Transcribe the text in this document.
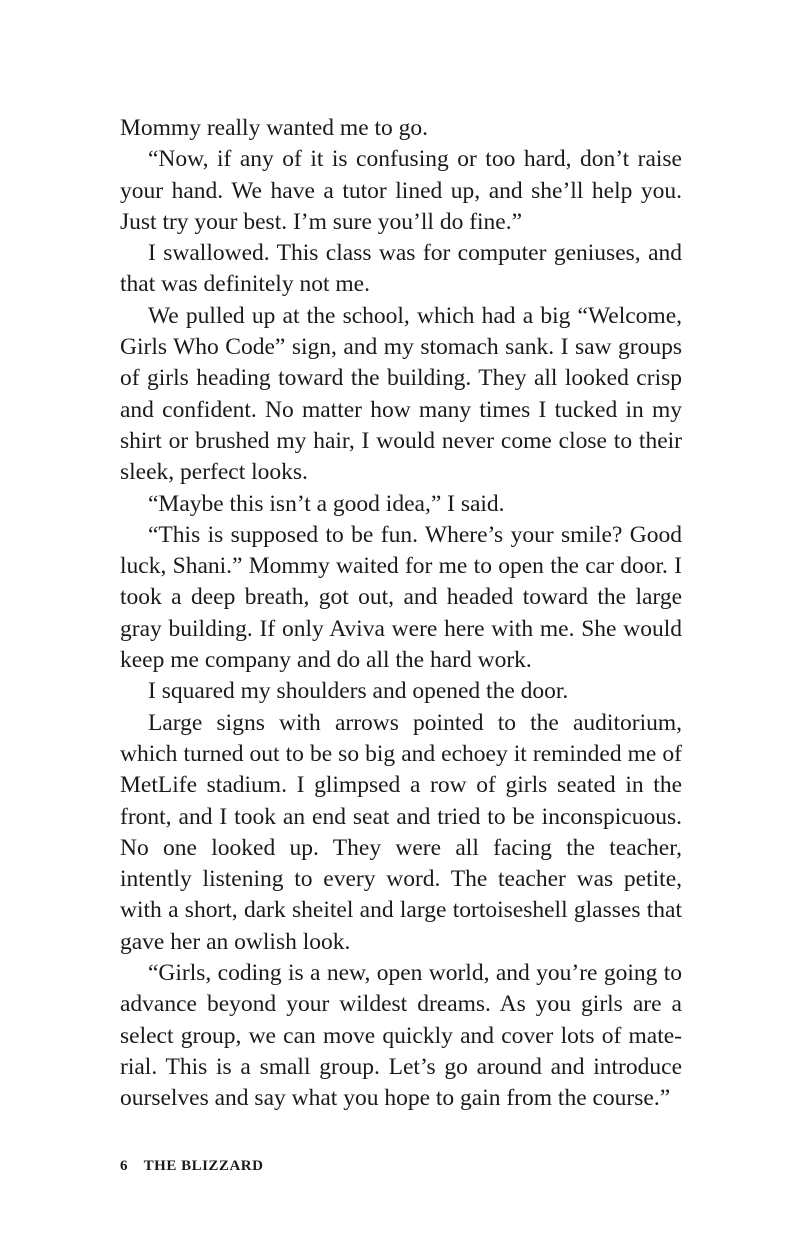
Mommy really wanted me to go.

“Now, if any of it is confusing or too hard, don’t raise your hand. We have a tutor lined up, and she’ll help you. Just try your best. I’m sure you’ll do fine.”

I swallowed. This class was for computer geniuses, and that was definitely not me.

We pulled up at the school, which had a big “Welcome, Girls Who Code” sign, and my stomach sank. I saw groups of girls heading toward the building. They all looked crisp and confident. No matter how many times I tucked in my shirt or brushed my hair, I would never come close to their sleek, perfect looks.

“Maybe this isn’t a good idea,” I said.

“This is supposed to be fun. Where’s your smile? Good luck, Shani.” Mommy waited for me to open the car door. I took a deep breath, got out, and headed toward the large gray building. If only Aviva were here with me. She would keep me company and do all the hard work.

I squared my shoulders and opened the door.

Large signs with arrows pointed to the auditorium, which turned out to be so big and echoey it reminded me of MetLife stadium. I glimpsed a row of girls seated in the front, and I took an end seat and tried to be inconspicuous. No one looked up. They were all facing the teacher, intently listening to every word. The teacher was petite, with a short, dark sheitel and large tortoiseshell glasses that gave her an owlish look.

“Girls, coding is a new, open world, and you’re going to advance beyond your wildest dreams. As you girls are a select group, we can move quickly and cover lots of material. This is a small group. Let’s go around and introduce ourselves and say what you hope to gain from the course.”

6 THE BLIZZARD
